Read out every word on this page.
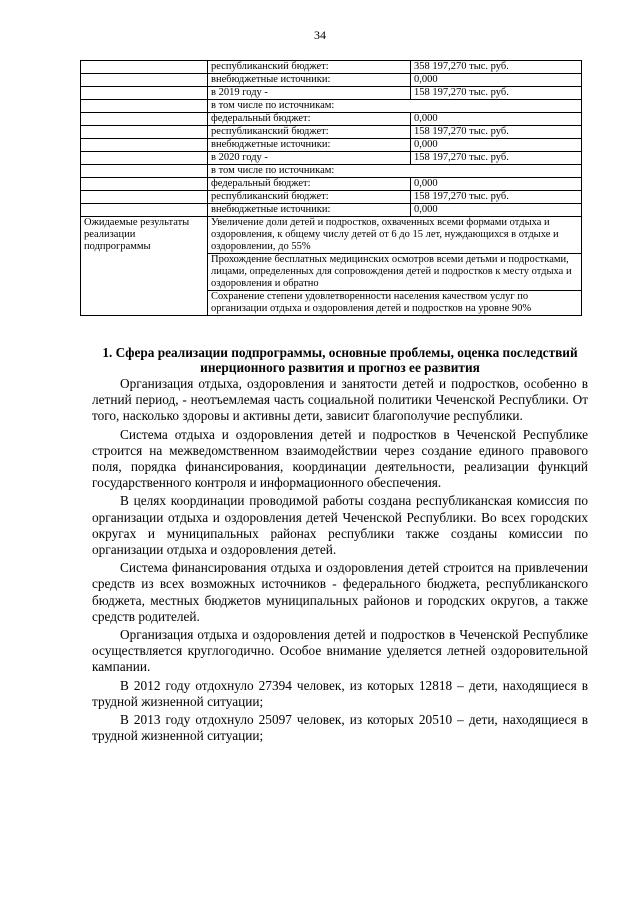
34
	республиканский бюджет:	358 197,270 тыс. руб.
	внебюджетные источники:	0,000
	в 2019 году -	158 197,270 тыс. руб.
	в том числе по источникам:	
	федеральный бюджет:	0,000
	республиканский бюджет:	158 197,270 тыс. руб.
	внебюджетные источники:	0,000
	в 2020 году -	158 197,270 тыс. руб.
	в том числе по источникам:	
	федеральный бюджет:	0,000
	республиканский бюджет:	158 197,270 тыс. руб.
	внебюджетные источники:	0,000
Ожидаемые результаты реализации подпрограммы	Увеличение доли детей и подростков, охваченных всеми формами отдыха и оздоровления, к общему числу детей от 6 до 15 лет, нуждающихся в отдыхе и оздоровлении, до 55%	
	Прохождение бесплатных медицинских осмотров всеми детьми и подростками, лицами, определенных для сопровождения детей и подростков к месту отдыха и оздоровления и обратно	
	Сохранение степени удовлетворенности населения качеством услуг по организации отдыха и оздоровления детей и подростков на уровне 90%	
1. Сфера реализации подпрограммы, основные проблемы, оценка последствий инерционного развития и прогноз ее развития

Организация отдыха, оздоровления и занятости детей и подростков, особенно в летний период, - неотъемлемая часть социальной политики Чеченской Республики. От того, насколько здоровы и активны дети, зависит благополучие республики.

Система отдыха и оздоровления детей и подростков в Чеченской Республике строится на межведомственном взаимодействии через создание единого правового поля, порядка финансирования, координации деятельности, реализации функций государственного контроля и информационного обеспечения.

В целях координации проводимой работы создана республиканская комиссия по организации отдыха и оздоровления детей Чеченской Республики. Во всех городских округах и муниципальных районах республики также созданы комиссии по организации отдыха и оздоровления детей.

Система финансирования отдыха и оздоровления детей строится на привлечении средств из всех возможных источников - федерального бюджета, республиканского бюджета, местных бюджетов муниципальных районов и городских округов, а также средств родителей.

Организация отдыха и оздоровления детей и подростков в Чеченской Республике осуществляется круглогодично. Особое внимание уделяется летней оздоровительной кампании.

В 2012 году отдохнуло 27394 человек, из которых 12818 – дети, находящиеся в трудной жизненной ситуации;

В 2013 году отдохнуло 25097 человек, из которых 20510 – дети, находящиеся в трудной жизненной ситуации;
